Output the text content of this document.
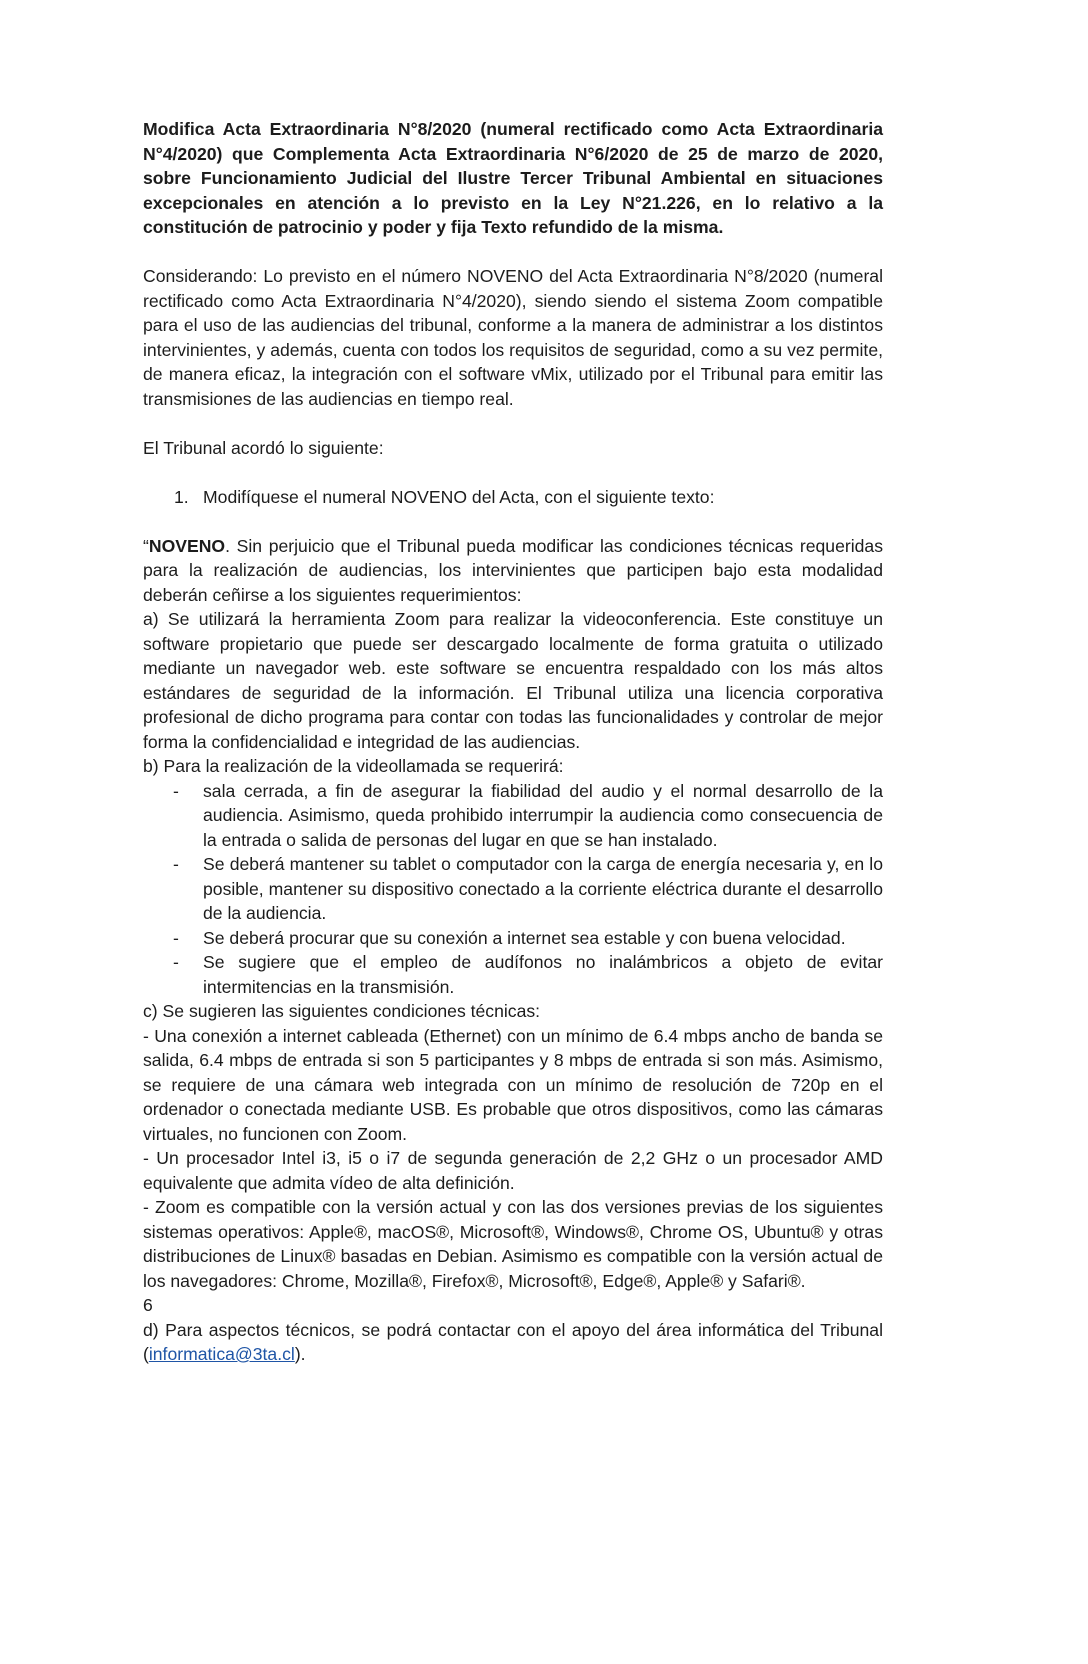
Modifica Acta Extraordinaria N°8/2020 (numeral rectificado como Acta Extraordinaria N°4/2020) que Complementa Acta Extraordinaria N°6/2020 de 25 de marzo de 2020, sobre Funcionamiento Judicial del Ilustre Tercer Tribunal Ambiental en situaciones excepcionales en atención a lo previsto en la Ley N°21.226, en lo relativo a la constitución de patrocinio y poder y fija Texto refundido de la misma.

Considerando: Lo previsto en el número NOVENO del Acta Extraordinaria N°8/2020 (numeral rectificado como Acta Extraordinaria N°4/2020), siendo siendo el sistema Zoom compatible para el uso de las audiencias del tribunal, conforme a la manera de administrar a los distintos intervinientes, y además, cuenta con todos los requisitos de seguridad, como a su vez permite, de manera eficaz, la integración con el software vMix, utilizado por el Tribunal para emitir las transmisiones de las audiencias en tiempo real.

El Tribunal acordó lo siguiente:

1. Modifíquese el numeral NOVENO del Acta, con el siguiente texto:

“NOVENO. Sin perjuicio que el Tribunal pueda modificar las condiciones técnicas requeridas para la realización de audiencias, los intervinientes que participen bajo esta modalidad deberán ceñirse a los siguientes requerimientos:

a) Se utilizará la herramienta Zoom para realizar la videoconferencia. Este constituye un software propietario que puede ser descargado localmente de forma gratuita o utilizado mediante un navegador web. este software se encuentra respaldado con los más altos estándares de seguridad de la información. El Tribunal utiliza una licencia corporativa profesional de dicho programa para contar con todas las funcionalidades y controlar de mejor forma la confidencialidad e integridad de las audiencias.

b) Para la realización de la videollamada se requerirá:

-	sala cerrada, a fin de asegurar la fiabilidad del audio y el normal desarrollo de la audiencia. Asimismo, queda prohibido interrumpir la audiencia como consecuencia de la entrada o salida de personas del lugar en que se han instalado.
-	Se deberá mantener su tablet o computador con la carga de energía necesaria y, en lo posible, mantener su dispositivo conectado a la corriente eléctrica durante el desarrollo de la audiencia.
-	Se deberá procurar que su conexión a internet sea estable y con buena velocidad.
-	Se sugiere que el empleo de audífonos no inalámbricos a objeto de evitar intermitencias en la transmisión.

c) Se sugieren las siguientes condiciones técnicas:

- Una conexión a internet cableada (Ethernet) con un mínimo de 6.4 mbps ancho de banda se salida, 6.4 mbps de entrada si son 5 participantes y 8 mbps de entrada si son más. Asimismo, se requiere de una cámara web integrada con un mínimo de resolución de 720p en el ordenador o conectada mediante USB. Es probable que otros dispositivos, como las cámaras virtuales, no funcionen con Zoom.

- Un procesador Intel i3, i5 o i7 de segunda generación de 2,2 GHz o un procesador AMD equivalente que admita vídeo de alta definición.

- Zoom es compatible con la versión actual y con las dos versiones previas de los siguientes sistemas operativos: Apple®, macOS®, Microsoft®, Windows®, Chrome OS, Ubuntu® y otras distribuciones de Linux® basadas en Debian. Asimismo es compatible con la versión actual de los navegadores: Chrome, Mozilla®, Firefox®, Microsoft®, Edge®, Apple® y Safari®.

6

d) Para aspectos técnicos, se podrá contactar con el apoyo del área informática del Tribunal (informatica@3ta.cl).
